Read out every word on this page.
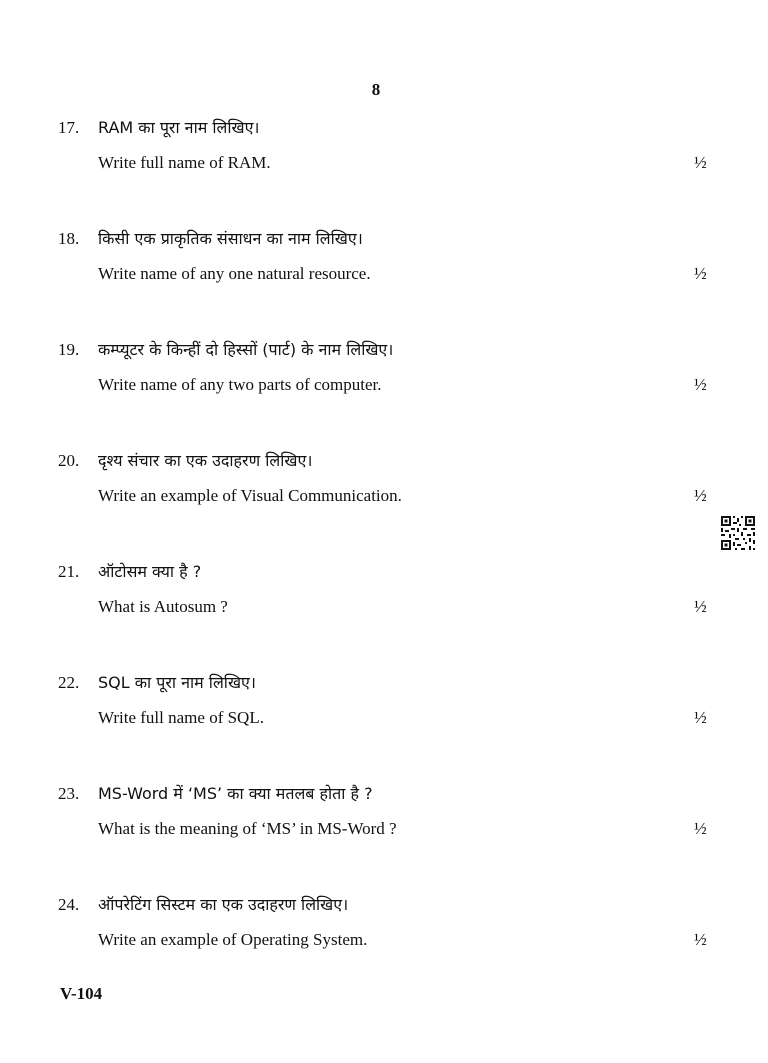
8
17. RAM का पूरा नाम लिखिए।
Write full name of RAM.	½
18. किसी एक प्राकृतिक संसाधन का नाम लिखिए।
Write name of any one natural resource.	½
19. कम्प्यूटर के किन्हीं दो हिस्सों (पार्ट) के नाम लिखिए।
Write name of any two parts of computer.	½
20. दृश्य संचार का एक उदाहरण लिखिए।
Write an example of Visual Communication.	½
21. ऑटोसम क्या है ?
What is Autosum ?	½
22. SQL का पूरा नाम लिखिए।
Write full name of SQL.	½
23. MS-Word में ‘MS’ का क्या मतलब होता है ?
What is the meaning of ‘MS’ in MS-Word ?	½
24. ऑपरेटिंग सिस्टम का एक उदाहरण लिखिए।
Write an example of Operating System.	½
V-104
